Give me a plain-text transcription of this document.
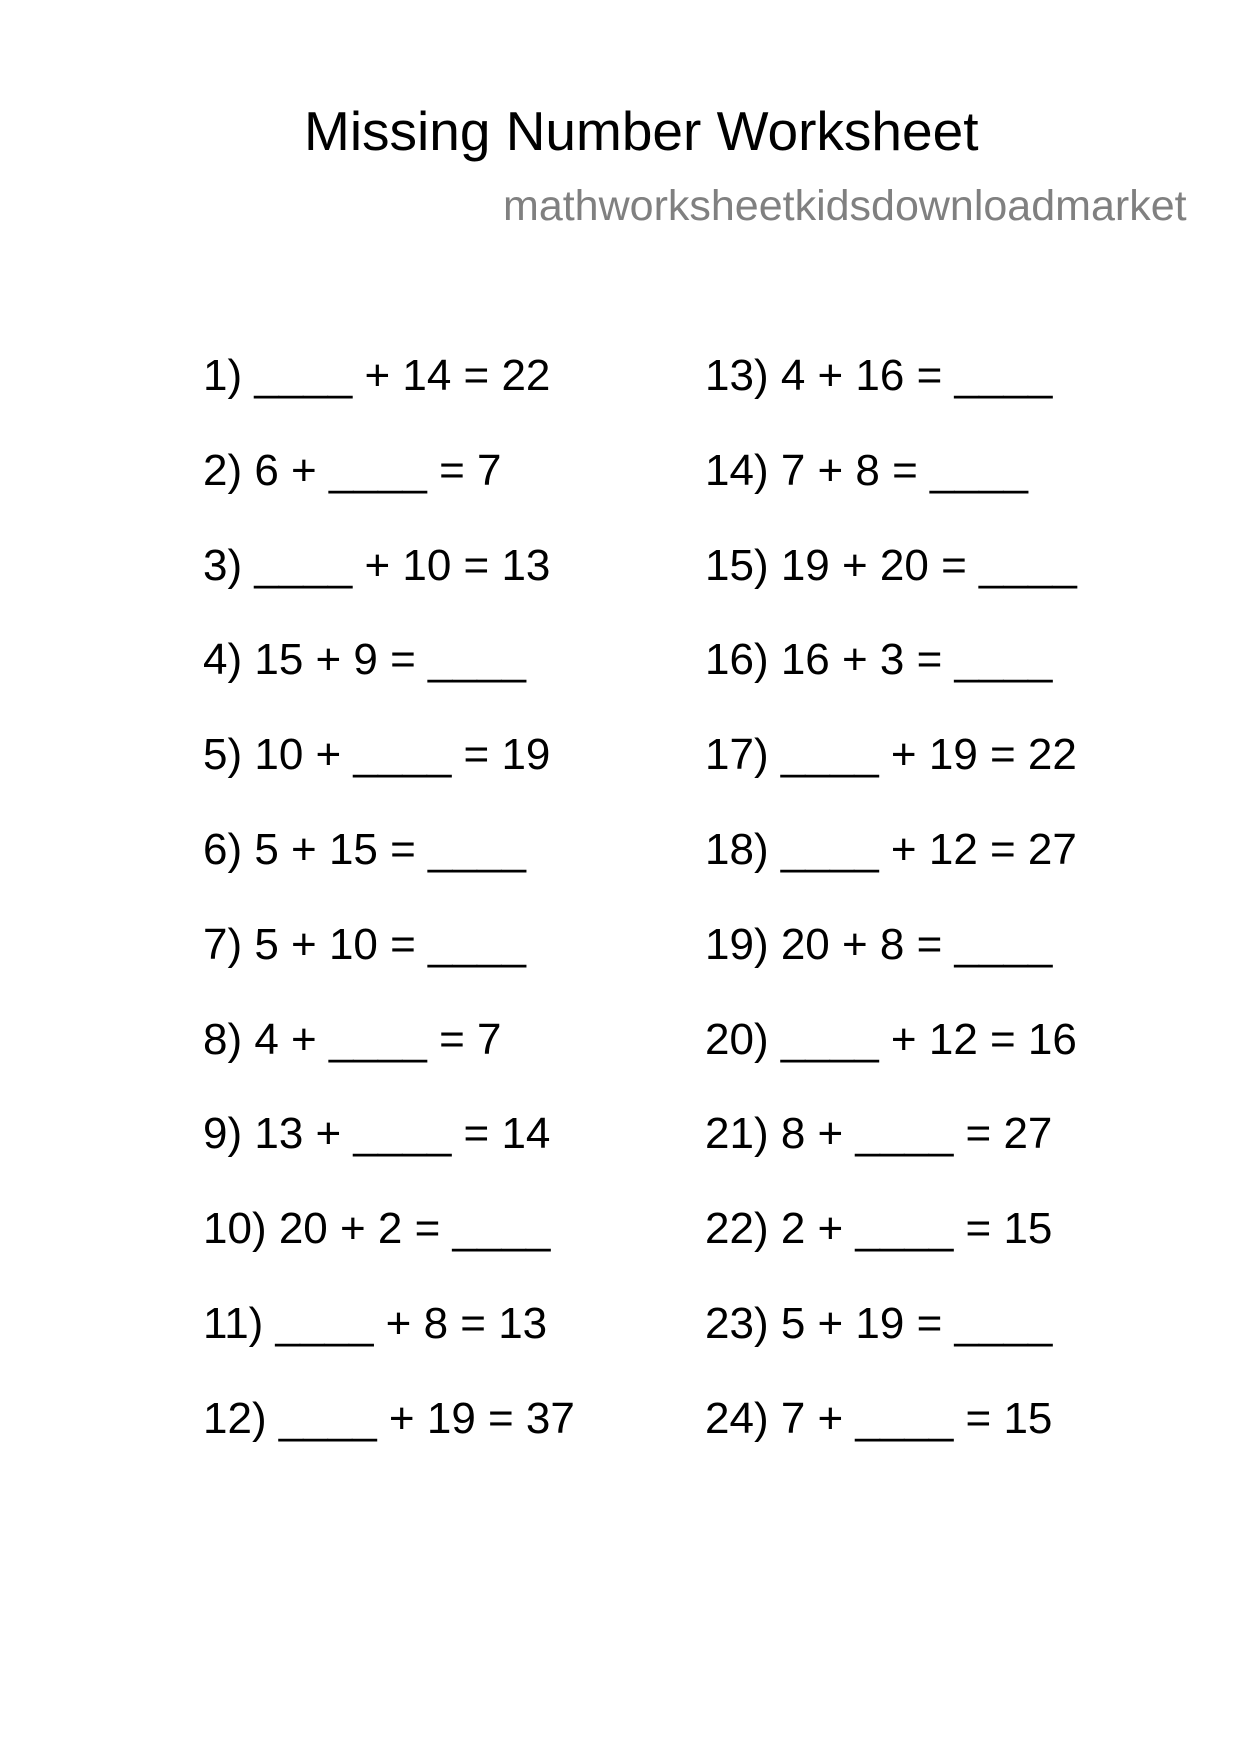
Missing Number Worksheet
mathworksheetkidsdownloadmarket
1) ____ + 14 = 22
2) 6 + ____ = 7
3) ____ + 10 = 13
4) 15 + 9 = ____
5) 10 + ____ = 19
6) 5 + 15 = ____
7) 5 + 10 = ____
8) 4 + ____ = 7
9) 13 + ____ = 14
10) 20 + 2 = ____
11) ____ + 8 = 13
12) ____ + 19 = 37
13) 4 + 16 = ____
14) 7 + 8 = ____
15) 19 + 20 = ____
16) 16 + 3 = ____
17) ____ + 19 = 22
18) ____ + 12 = 27
19) 20 + 8 = ____
20) ____ + 12 = 16
21) 8 + ____ = 27
22) 2 + ____ = 15
23) 5 + 19 = ____
24) 7 + ____ = 15
